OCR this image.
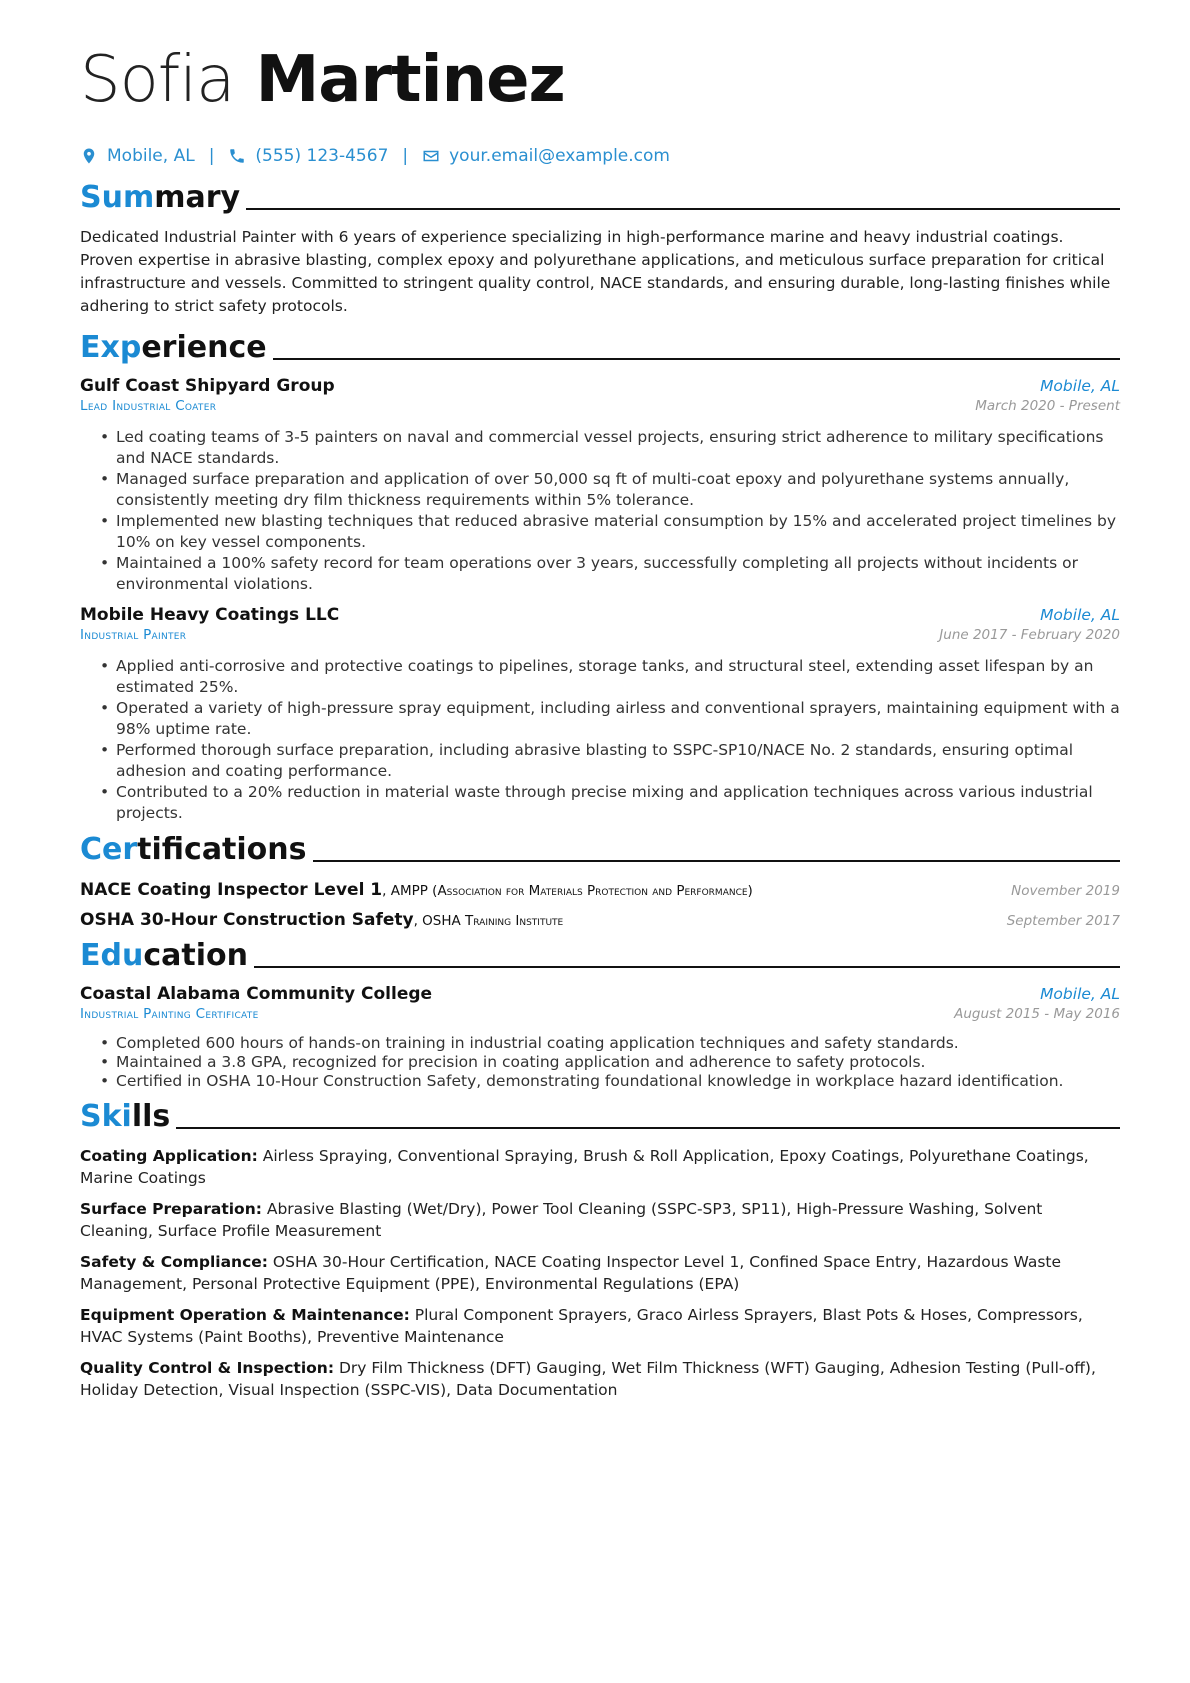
Sofia Martinez
Mobile, AL | (555) 123-4567 | your.email@example.com
Summary
Dedicated Industrial Painter with 6 years of experience specializing in high-performance marine and heavy industrial coatings. Proven expertise in abrasive blasting, complex epoxy and polyurethane applications, and meticulous surface preparation for critical infrastructure and vessels. Committed to stringent quality control, NACE standards, and ensuring durable, long-lasting finishes while adhering to strict safety protocols.
Experience
Gulf Coast Shipyard Group	Mobile, AL
Lead Industrial Coater	March 2020 - Present
• Led coating teams of 3-5 painters on naval and commercial vessel projects, ensuring strict adherence to military specifications and NACE standards.
• Managed surface preparation and application of over 50,000 sq ft of multi-coat epoxy and polyurethane systems annually, consistently meeting dry film thickness requirements within 5% tolerance.
• Implemented new blasting techniques that reduced abrasive material consumption by 15% and accelerated project timelines by 10% on key vessel components.
• Maintained a 100% safety record for team operations over 3 years, successfully completing all projects without incidents or environmental violations.
Mobile Heavy Coatings LLC	Mobile, AL
Industrial Painter	June 2017 - February 2020
• Applied anti-corrosive and protective coatings to pipelines, storage tanks, and structural steel, extending asset lifespan by an estimated 25%.
• Operated a variety of high-pressure spray equipment, including airless and conventional sprayers, maintaining equipment with a 98% uptime rate.
• Performed thorough surface preparation, including abrasive blasting to SSPC-SP10/NACE No. 2 standards, ensuring optimal adhesion and coating performance.
• Contributed to a 20% reduction in material waste through precise mixing and application techniques across various industrial projects.
Certifications
NACE Coating Inspector Level 1, AMPP (Association for Materials Protection and Performance)	November 2019
OSHA 30-Hour Construction Safety, OSHA Training Institute	September 2017
Education
Coastal Alabama Community College	Mobile, AL
Industrial Painting Certificate	August 2015 - May 2016
• Completed 600 hours of hands-on training in industrial coating application techniques and safety standards.
• Maintained a 3.8 GPA, recognized for precision in coating application and adherence to safety protocols.
• Certified in OSHA 10-Hour Construction Safety, demonstrating foundational knowledge in workplace hazard identification.
Skills
Coating Application: Airless Spraying, Conventional Spraying, Brush & Roll Application, Epoxy Coatings, Polyurethane Coatings, Marine Coatings
Surface Preparation: Abrasive Blasting (Wet/Dry), Power Tool Cleaning (SSPC-SP3, SP11), High-Pressure Washing, Solvent Cleaning, Surface Profile Measurement
Safety & Compliance: OSHA 30-Hour Certification, NACE Coating Inspector Level 1, Confined Space Entry, Hazardous Waste Management, Personal Protective Equipment (PPE), Environmental Regulations (EPA)
Equipment Operation & Maintenance: Plural Component Sprayers, Graco Airless Sprayers, Blast Pots & Hoses, Compressors, HVAC Systems (Paint Booths), Preventive Maintenance
Quality Control & Inspection: Dry Film Thickness (DFT) Gauging, Wet Film Thickness (WFT) Gauging, Adhesion Testing (Pull-off), Holiday Detection, Visual Inspection (SSPC-VIS), Data Documentation
